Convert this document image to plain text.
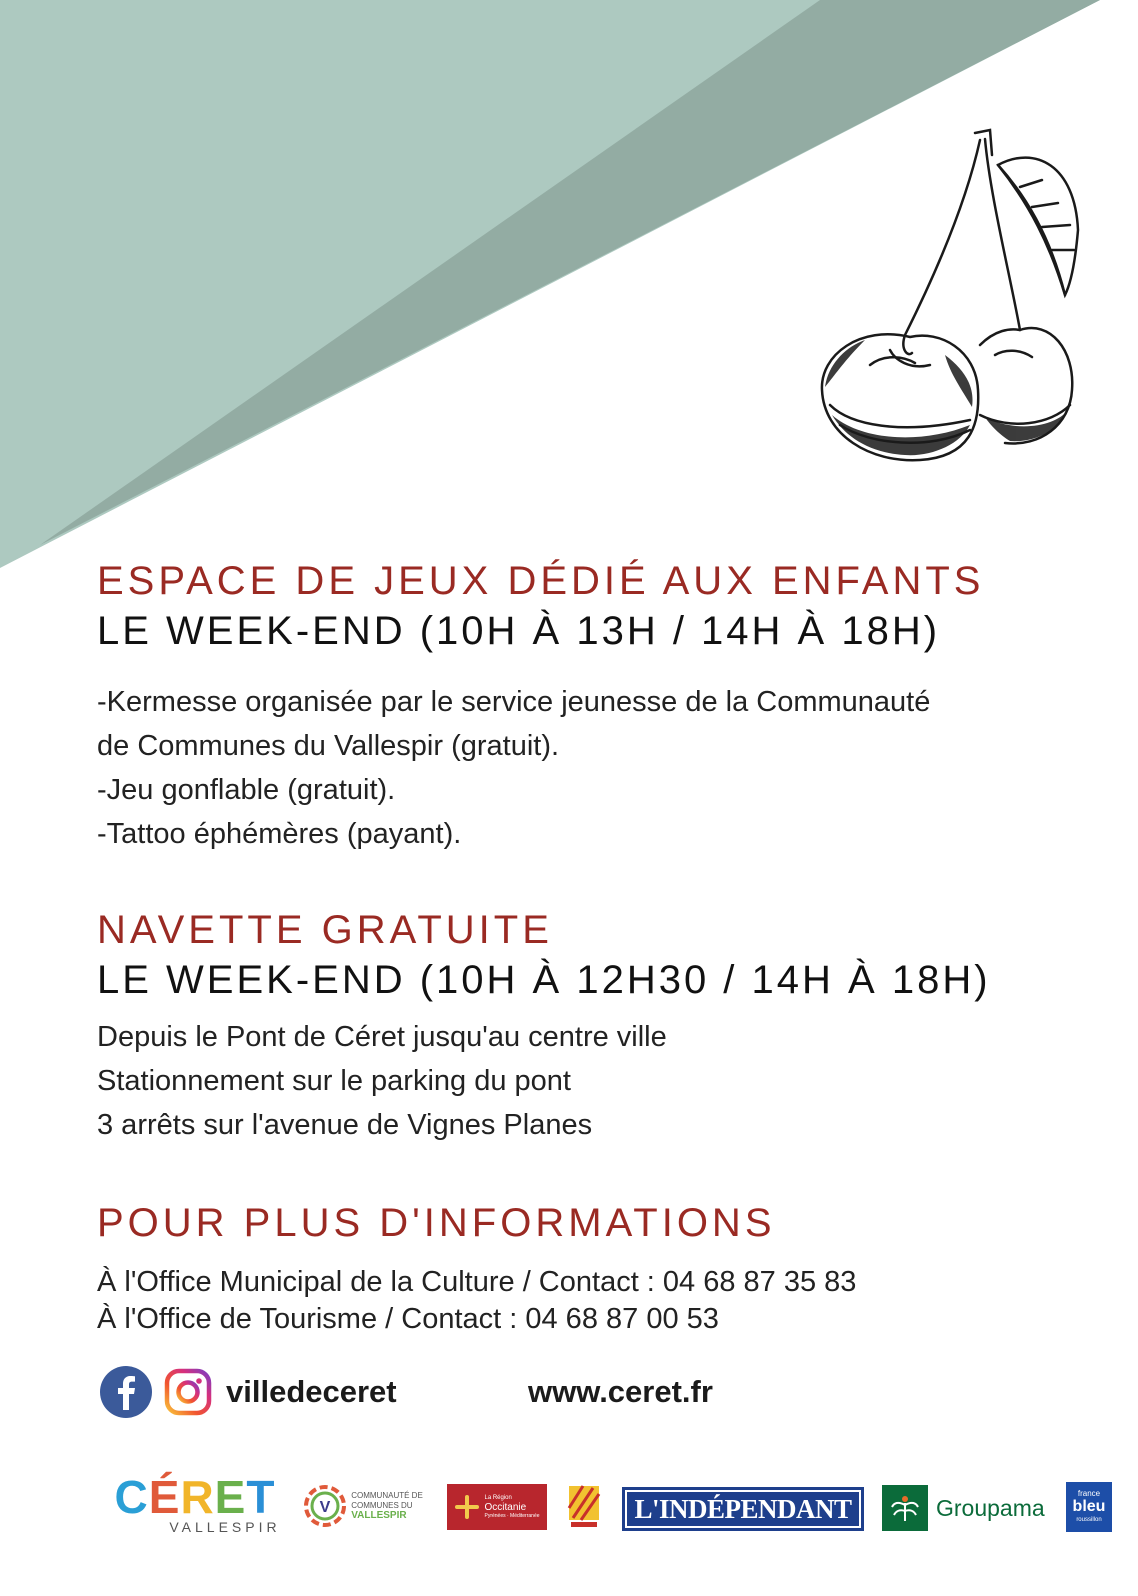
ESPACE DE JEUX DÉDIÉ AUX ENFANTS
LE WEEK-END (10H À 13H / 14H À 18H)
-Kermesse organisée par le service jeunesse de la Communauté
de Communes du Vallespir (gratuit).
-Jeu gonflable (gratuit).
-Tattoo éphémères (payant).
NAVETTE GRATUITE
LE WEEK-END (10H À 12H30 / 14H À 18H)
Depuis le Pont de Céret jusqu'au centre ville
Stationnement sur le parking du pont
3 arrêts sur l'avenue de Vignes Planes
POUR PLUS D'INFORMATIONS
À l'Office Municipal de la Culture / Contact : 04 68 87 35 83
À l'Office de Tourisme / Contact : 04 68 87 00 53
villedeceret	www.ceret.fr
CÉRET
VALLESPIR
V
COMMUNAUTÉ DE
COMMUNES DU
VALLESPIR
La Région
Occitanie
Pyrénées · Méditerranée	L'INDÉPENDANT	Groupama
france
bleu
roussillon
